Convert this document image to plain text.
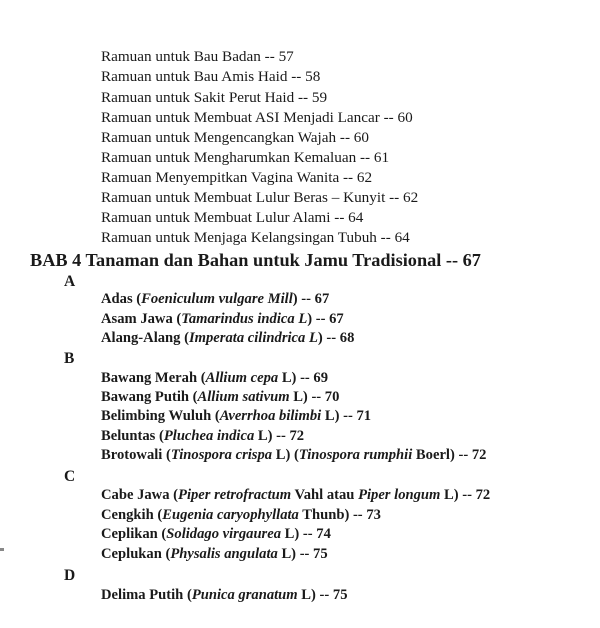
Ramuan untuk Bau Badan -- 57
Ramuan untuk Bau Amis Haid -- 58
Ramuan untuk Sakit Perut Haid -- 59
Ramuan untuk Membuat ASI Menjadi Lancar -- 60
Ramuan untuk Mengencangkan Wajah -- 60
Ramuan untuk Mengharumkan Kemaluan -- 61
Ramuan Menyempitkan Vagina Wanita -- 62
Ramuan untuk Membuat Lulur Beras – Kunyit -- 62
Ramuan untuk Membuat Lulur Alami -- 64
Ramuan untuk Menjaga Kelangsingan Tubuh -- 64
BAB 4 Tanaman dan Bahan untuk Jamu Tradisional -- 67
A
Adas (Foeniculum vulgare Mill) -- 67
Asam Jawa (Tamarindus indica L) -- 67
Alang-Alang (Imperata cilindrica L) -- 68
B
Bawang Merah (Allium cepa L) -- 69
Bawang Putih (Allium sativum L) -- 70
Belimbing Wuluh (Averrhoa bilimbi L) -- 71
Beluntas (Pluchea indica L) -- 72
Brotowali (Tinospora crispa L) (Tinospora rumphii Boerl) -- 72
C
Cabe Jawa (Piper retrofractum Vahl atau Piper longum L) -- 72
Cengkih (Eugenia caryophyllata Thunb) -- 73
Ceplikan (Solidago virgaurea L) -- 74
Ceplukan (Physalis angulata L) -- 75
D
Delima Putih (Punica granatum L) -- 75
